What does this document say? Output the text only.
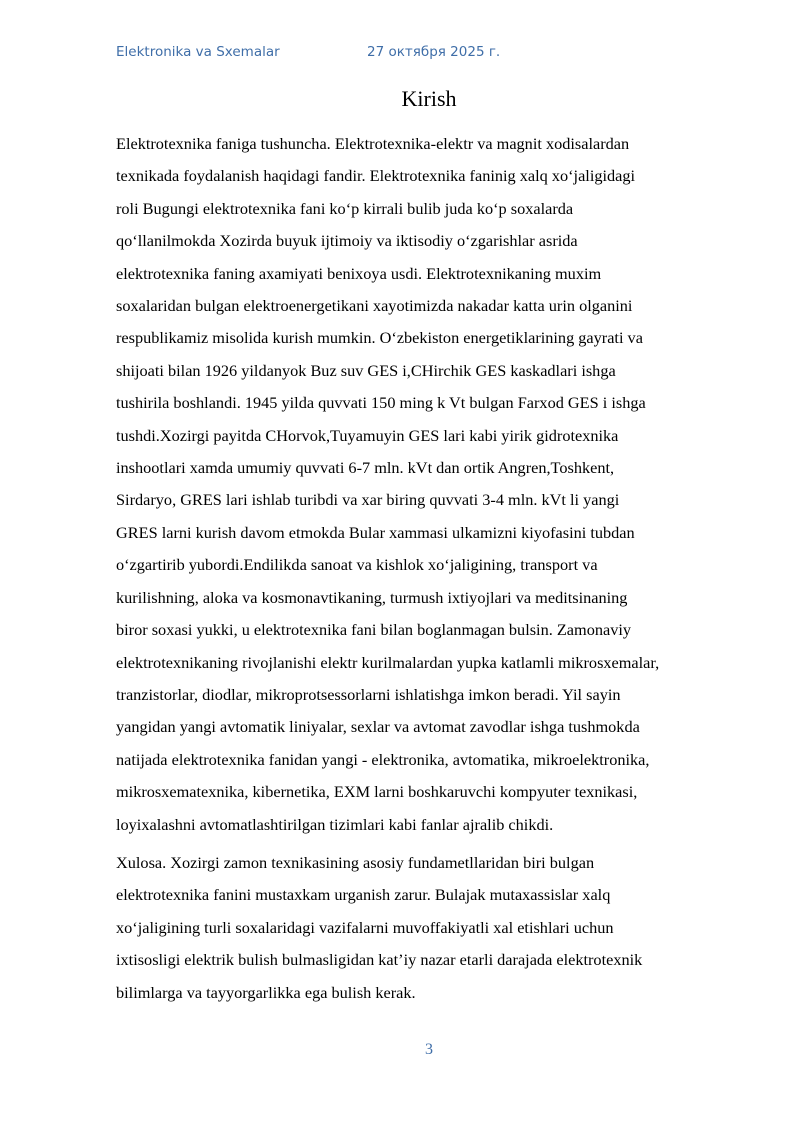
Elektronika va Sxemalar	27 октября 2025 г.
Kirish

Elektrotexnika faniga tushuncha. Elektrotexnika-elektr va magnit xodisalardan
texnikada foydalanish haqidagi fandir. Elektrotexnika faninig xalq xo‘jaligidagi
roli Bugungi elektrotexnika fani ko‘p kirrali bulib juda ko‘p soxalarda
qo‘llanilmokda Xozirda buyuk ijtimoiy va iktisodiy o‘zgarishlar asrida
elektrotexnika faning axamiyati benixoya usdi. Elektrotexnikaning muxim
soxalaridan bulgan elektroenergetikani xayotimizda nakadar katta urin olganini
respublikamiz misolida kurish mumkin. O‘zbekiston energetiklarining gayrati va
shijoati bilan 1926 yildanyok Buz suv GES i,CHirchik GES kaskadlari ishga
tushirila boshlandi. 1945 yilda quvvati 150 ming k Vt bulgan Farxod GES i ishga
tushdi.Xozirgi payitda CHorvok,Tuyamuyin GES lari kabi yirik gidrotexnika
inshootlari xamda umumiy quvvati 6-7 mln. kVt dan ortik Angren,Toshkent,
Sirdaryo, GRES lari ishlab turibdi va xar biring quvvati 3-4 mln. kVt li yangi
GRES larni kurish davom etmokda Bular xammasi ulkamizni kiyofasini tubdan
o‘zgartirib yubordi.Endilikda sanoat va kishlok xo‘jaligining, transport va
kurilishning, aloka va kosmonavtikaning, turmush ixtiyojlari va meditsinaning
biror soxasi yukki, u elektrotexnika fani bilan boglanmagan bulsin. Zamonaviy
elektrotexnikaning rivojlanishi elektr kurilmalardan yupka katlamli mikrosxemalar,
tranzistorlar, diodlar, mikroprotsessorlarni ishlatishga imkon beradi. Yil sayin
yangidan yangi avtomatik liniyalar, sexlar va avtomat zavodlar ishga tushmokda
natijada elektrotexnika fanidan yangi - elektronika, avtomatika, mikroelektronika,
mikrosxematexnika, kibernetika, EXM larni boshkaruvchi kompyuter texnikasi,
loyixalashni avtomatlashtirilgan tizimlari kabi fanlar ajralib chikdi.

Xulosa. Xozirgi zamon texnikasining asosiy fundametllaridan biri bulgan
elektrotexnika fanini mustaxkam urganish zarur. Bulajak mutaxassislar xalq
xo‘jaligining turli soxalaridagi vazifalarni muvoffakiyatli xal etishlari uchun
ixtisosligi elektrik bulish bulmasligidan kat’iy nazar etarli darajada elektrotexnik
bilimlarga va tayyorgarlikka ega bulish kerak.

3
